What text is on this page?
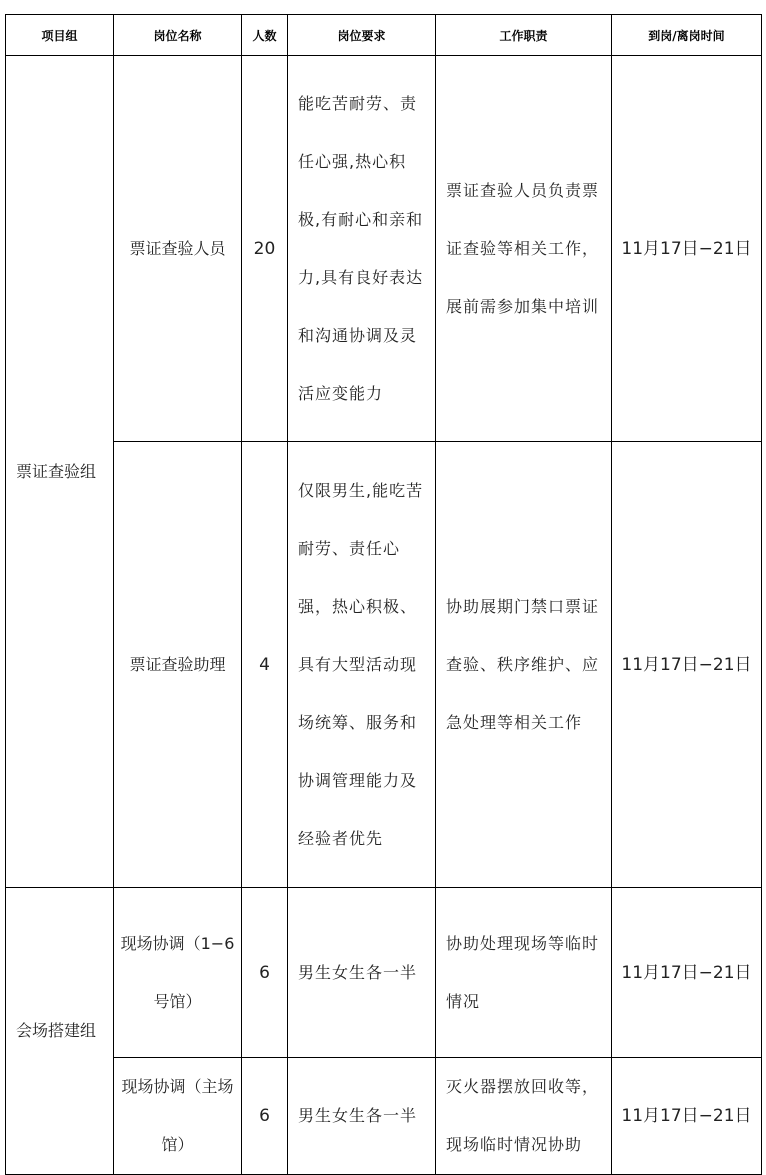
项目组	岗位名称	人数	岗位要求	工作职责	到岗/离岗时间
票证查验组	票证查验人员	20	能吃苦耐劳、责任心强,热心积极,有耐心和亲和力,具有良好表达和沟通协调及灵活应变能力	票证查验人员负责票证查验等相关工作，展前需参加集中培训	11月17日−21日
	票证查验助理	4	仅限男生,能吃苦耐劳、责任心强，热心积极、具有大型活动现场统筹、服务和协调管理能力及经验者优先	协助展期门禁口票证查验、秩序维护、应急处理等相关工作	11月17日−21日
会场搭建组	现场协调（1−6号馆）	6	男生女生各一半	协助处理现场等临时情况	11月17日−21日
	现场协调（主场馆）	6	男生女生各一半	灭火器摆放回收等，现场临时情况协助	11月17日−21日
